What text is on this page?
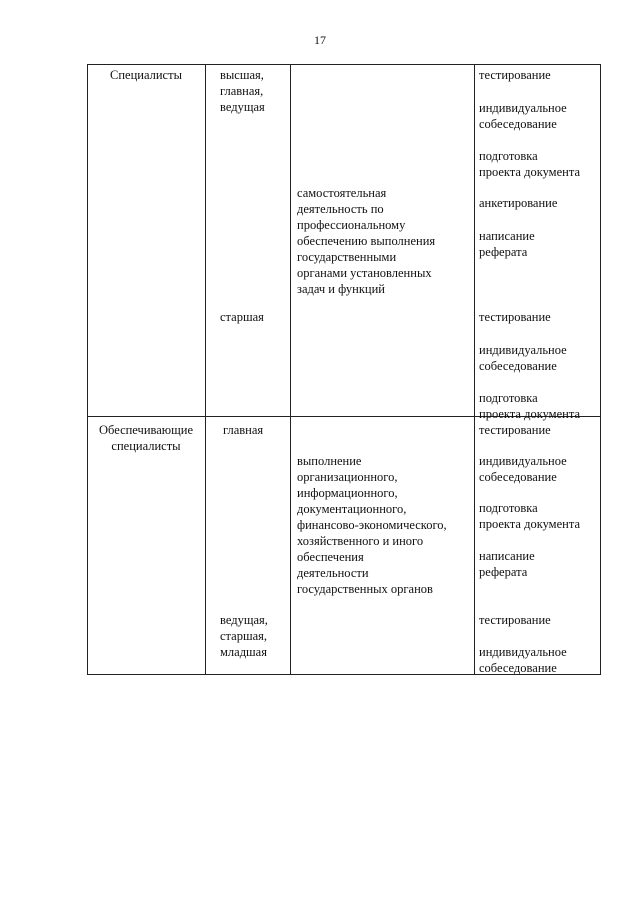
17
Специалисты	высшая,
главная,
ведущая
самостоятельная
деятельность по
профессиональному
обеспечению выполнения
государственными
органами установленных
задач и функций
тестирование
индивидуальное
собеседование
подготовка
проекта документа
анкетирование
написание
реферата
старшая	тестирование
индивидуальное
собеседование
подготовка
проекта документа
Обеспечивающие
специалисты
главная
выполнение
организационного,
информационного,
документационного,
финансово-экономического,
хозяйственного и иного
обеспечения
деятельности
государственных органов
тестирование
индивидуальное
собеседование
подготовка
проекта документа
написание
реферата
ведущая,
старшая,
младшая
тестирование
индивидуальное
собеседование
